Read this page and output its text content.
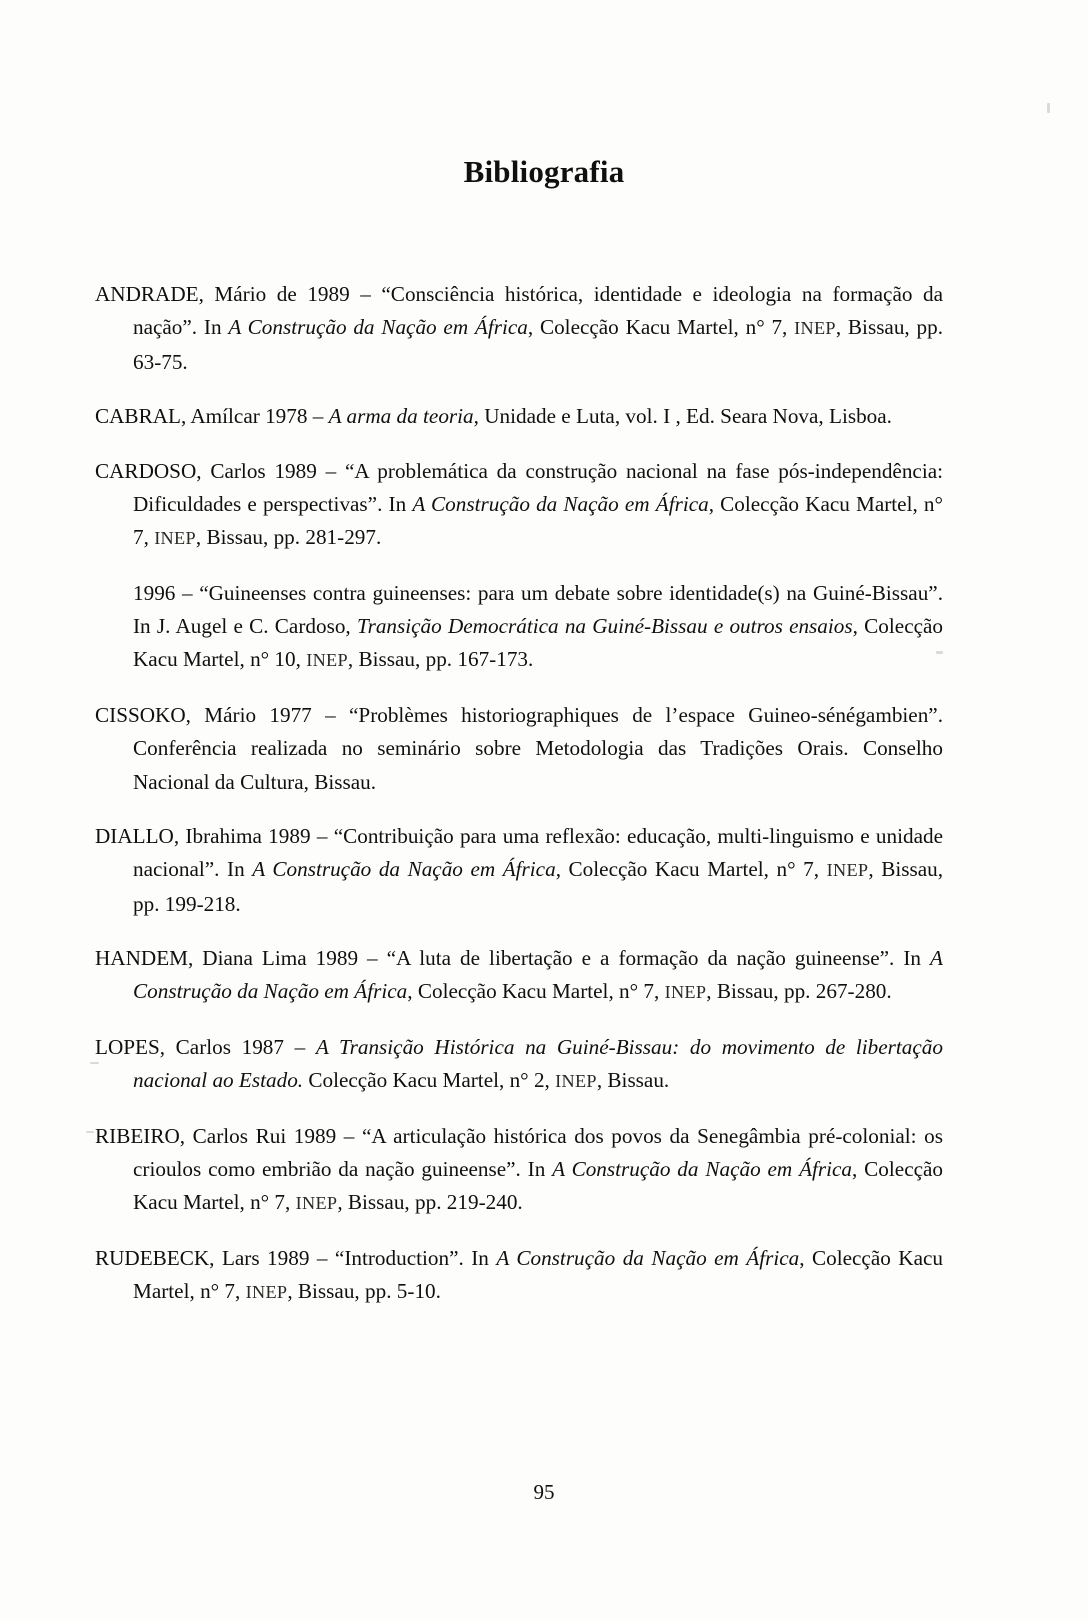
Bibliografia

ANDRADE, Mário de 1989 – “Consciência histórica, identidade e ideologia na formação da nação”. In A Construção da Nação em África, Colecção Kacu Martel, n° 7, INEP, Bissau, pp. 63-75.

CABRAL, Amílcar 1978 – A arma da teoria, Unidade e Luta, vol. I , Ed. Seara Nova, Lisboa.

CARDOSO, Carlos 1989 – “A problemática da construção nacional na fase pós-independência: Dificuldades e perspectivas”. In A Construção da Nação em África, Colecção Kacu Martel, n° 7, INEP, Bissau, pp. 281-297.

1996 – “Guineenses contra guineenses: para um debate sobre identidade(s) na Guiné-Bissau”. In J. Augel e C. Cardoso, Transição Democrática na Guiné-Bissau e outros ensaios, Colecção Kacu Martel, n° 10, INEP, Bissau, pp. 167-173.

CISSOKO, Mário 1977 – “Problèmes historiographiques de l’espace Guineo-sénégambien”. Conferência realizada no seminário sobre Metodologia das Tradições Orais. Conselho Nacional da Cultura, Bissau.

DIALLO, Ibrahima 1989 – “Contribuição para uma reflexão: educação, multi-linguismo e unidade nacional”. In A Construção da Nação em África, Colecção Kacu Martel, n° 7, INEP, Bissau, pp. 199-218.

HANDEM, Diana Lima 1989 – “A luta de libertação e a formação da nação guineense”. In A Construção da Nação em África, Colecção Kacu Martel, n° 7, INEP, Bissau, pp. 267-280.

LOPES, Carlos 1987 – A Transição Histórica na Guiné-Bissau: do movimento de libertação nacional ao Estado. Colecção Kacu Martel, n° 2, INEP, Bissau.

RIBEIRO, Carlos Rui 1989 – “A articulação histórica dos povos da Senegâmbia pré-colonial: os crioulos como embrião da nação guineense”. In A Construção da Nação em África, Colecção Kacu Martel, n° 7, INEP, Bissau, pp. 219-240.

RUDEBECK, Lars 1989 – “Introduction”. In A Construção da Nação em África, Colecção Kacu Martel, n° 7, INEP, Bissau, pp. 5-10.

95
